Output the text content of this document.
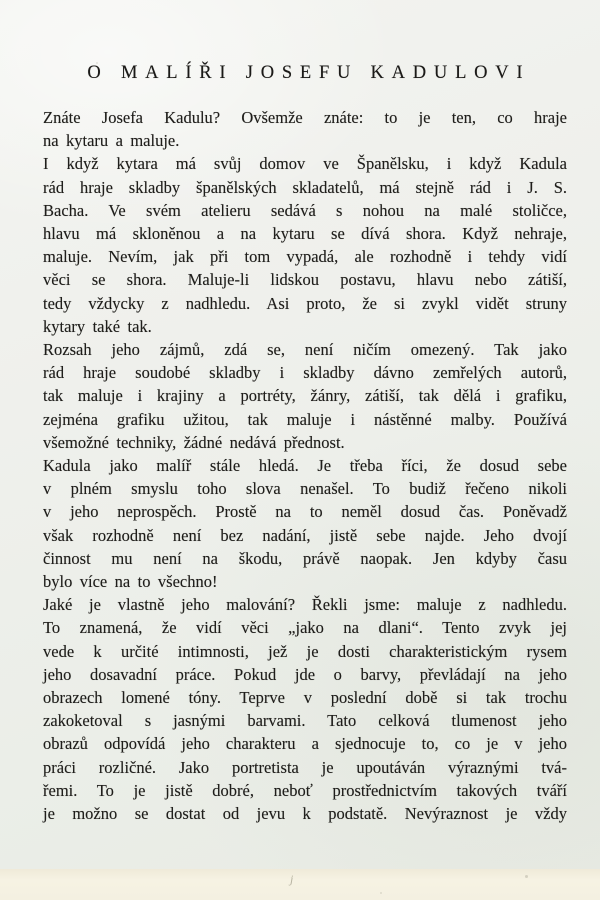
O MALÍŘI JOSEFU KADULOVI
Znáte Josefa Kadulu? Ovšemže znáte: to je ten, co hraje
na kytaru a maluje.
I když kytara má svůj domov ve Španělsku, i když Kadula
rád hraje skladby španělských skladatelů, má stejně rád i J. S.
Bacha. Ve svém atelieru sedává s nohou na malé stoličce,
hlavu má skloněnou a na kytaru se dívá shora. Když nehraje,
maluje. Nevím, jak při tom vypadá, ale rozhodně i tehdy vidí
věci se shora. Maluje-li lidskou postavu, hlavu nebo zátiší,
tedy vždycky z nadhledu. Asi proto, že si zvykl vidět struny
kytary také tak.
Rozsah jeho zájmů, zdá se, není ničím omezený. Tak jako
rád hraje soudobé skladby i skladby dávno zemřelých autorů,
tak maluje i krajiny a portréty, žánry, zátiší, tak dělá i grafiku,
zejména grafiku užitou, tak maluje i nástěnné malby. Používá
všemožné techniky, žádné nedává přednost.
Kadula jako malíř stále hledá. Je třeba říci, že dosud sebe
v plném smyslu toho slova nenašel. To budiž řečeno nikoli
v jeho neprospěch. Prostě na to neměl dosud čas. Poněvadž
však rozhodně není bez nadání, jistě sebe najde. Jeho dvojí
činnost mu není na škodu, právě naopak. Jen kdyby času
bylo více na to všechno!
Jaké je vlastně jeho malování? Řekli jsme: maluje z nadhledu.
To znamená, že vidí věci „jako na dlani“. Tento zvyk jej
vede k určité intimnosti, jež je dosti charakteristickým rysem
jeho dosavadní práce. Pokud jde o barvy, převládají na jeho
obrazech lomené tóny. Teprve v poslední době si tak trochu
zakoketoval s jasnými barvami. Tato celková tlumenost jeho
obrazů odpovídá jeho charakteru a sjednocuje to, co je v jeho
práci rozličné. Jako portretista je upoutáván výraznými tvá-
řemi. To je jistě dobré, neboť prostřednictvím takových tváří
je možno se dostat od jevu k podstatě. Nevýraznost je vždy
j
